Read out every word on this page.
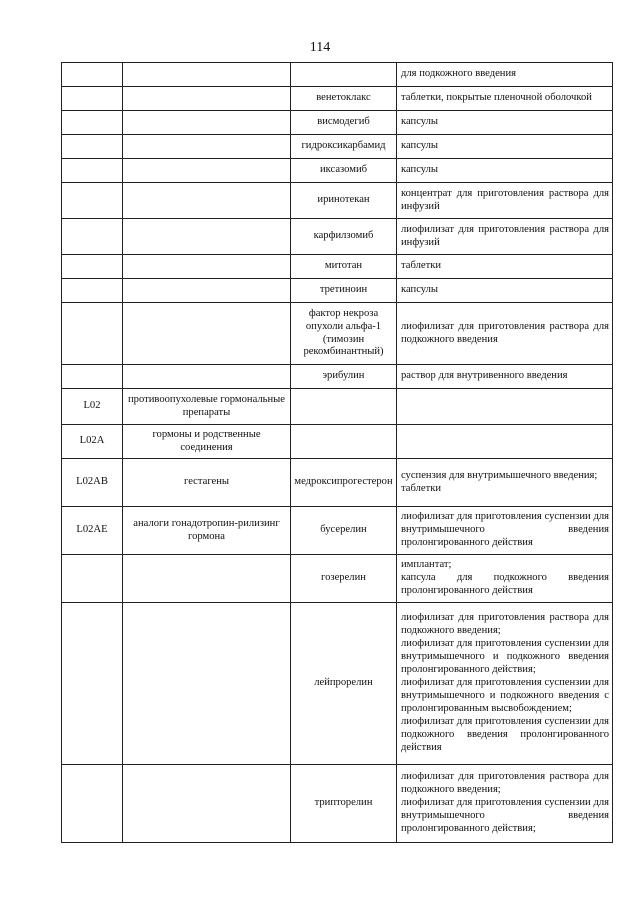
114

			для подкожного введения

		венетоклакс	таблетки, покрытые пленочной оболочкой

		висмодегиб	капсулы

		гидроксикарбамид	капсулы

		иксазомиб	капсулы

		иринотекан	концентрат для приготовления раствора для инфузий

		карфилзомиб	лиофилизат для приготовления раствора для инфузий

		митотан	таблетки

		третиноин	капсулы

		фактор некроза опухоли альфа-1 (тимозин рекомбинантный)	лиофилизат для приготовления раствора для подкожного введения

		эрибулин	раствор для внутривенного введения

L02	противоопухолевые гормональные препараты		
L02A	гормоны и родственные соединения		
L02AB	гестагены	медроксипрогестерон	суспензия для внутримышечного введения;
таблетки

L02AE	аналоги гонадотропин-рилизинг гормона	бусерелин	лиофилизат для приготовления суспензии для внутримышечного введения пролонгированного действия

		гозерелин	имплантат;
капсула для подкожного введения пролонгированного действия

		лейпрорелин	лиофилизат для приготовления раствора для подкожного введения;
лиофилизат для приготовления суспензии для внутримышечного и подкожного введения пролонгированного действия;
лиофилизат для приготовления суспензии для внутримышечного и подкожного введения с пролонгированным высвобождением;
лиофилизат для приготовления суспензии для подкожного введения пролонгированного действия

		трипторелин	лиофилизат для приготовления раствора для подкожного введения;
лиофилизат для приготовления суспензии для внутримышечного введения пролонгированного действия;
